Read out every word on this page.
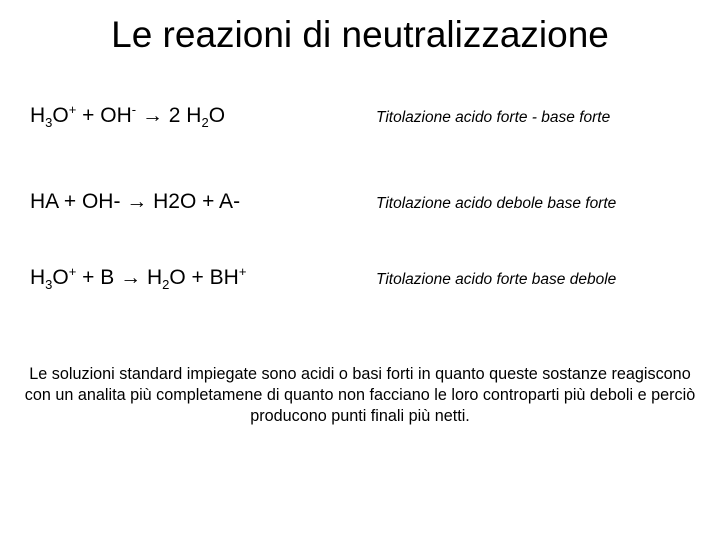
Le reazioni di neutralizzazione
$H_3O^+ + OH^- \to 2$ $H_2O$	Titolazione acido forte - base forte
HA + OH- → H2O + A-	Titolazione acido debole base forte
$H_3O^+ + B \to H_2O + BH^+$	Titolazione acido forte base debole
Le soluzioni standard impiegate sono acidi o basi forti in quanto queste sostanze reagiscono con un analita più completamene di quanto non facciano le loro controparti più deboli e perciò producono punti finali più netti.
